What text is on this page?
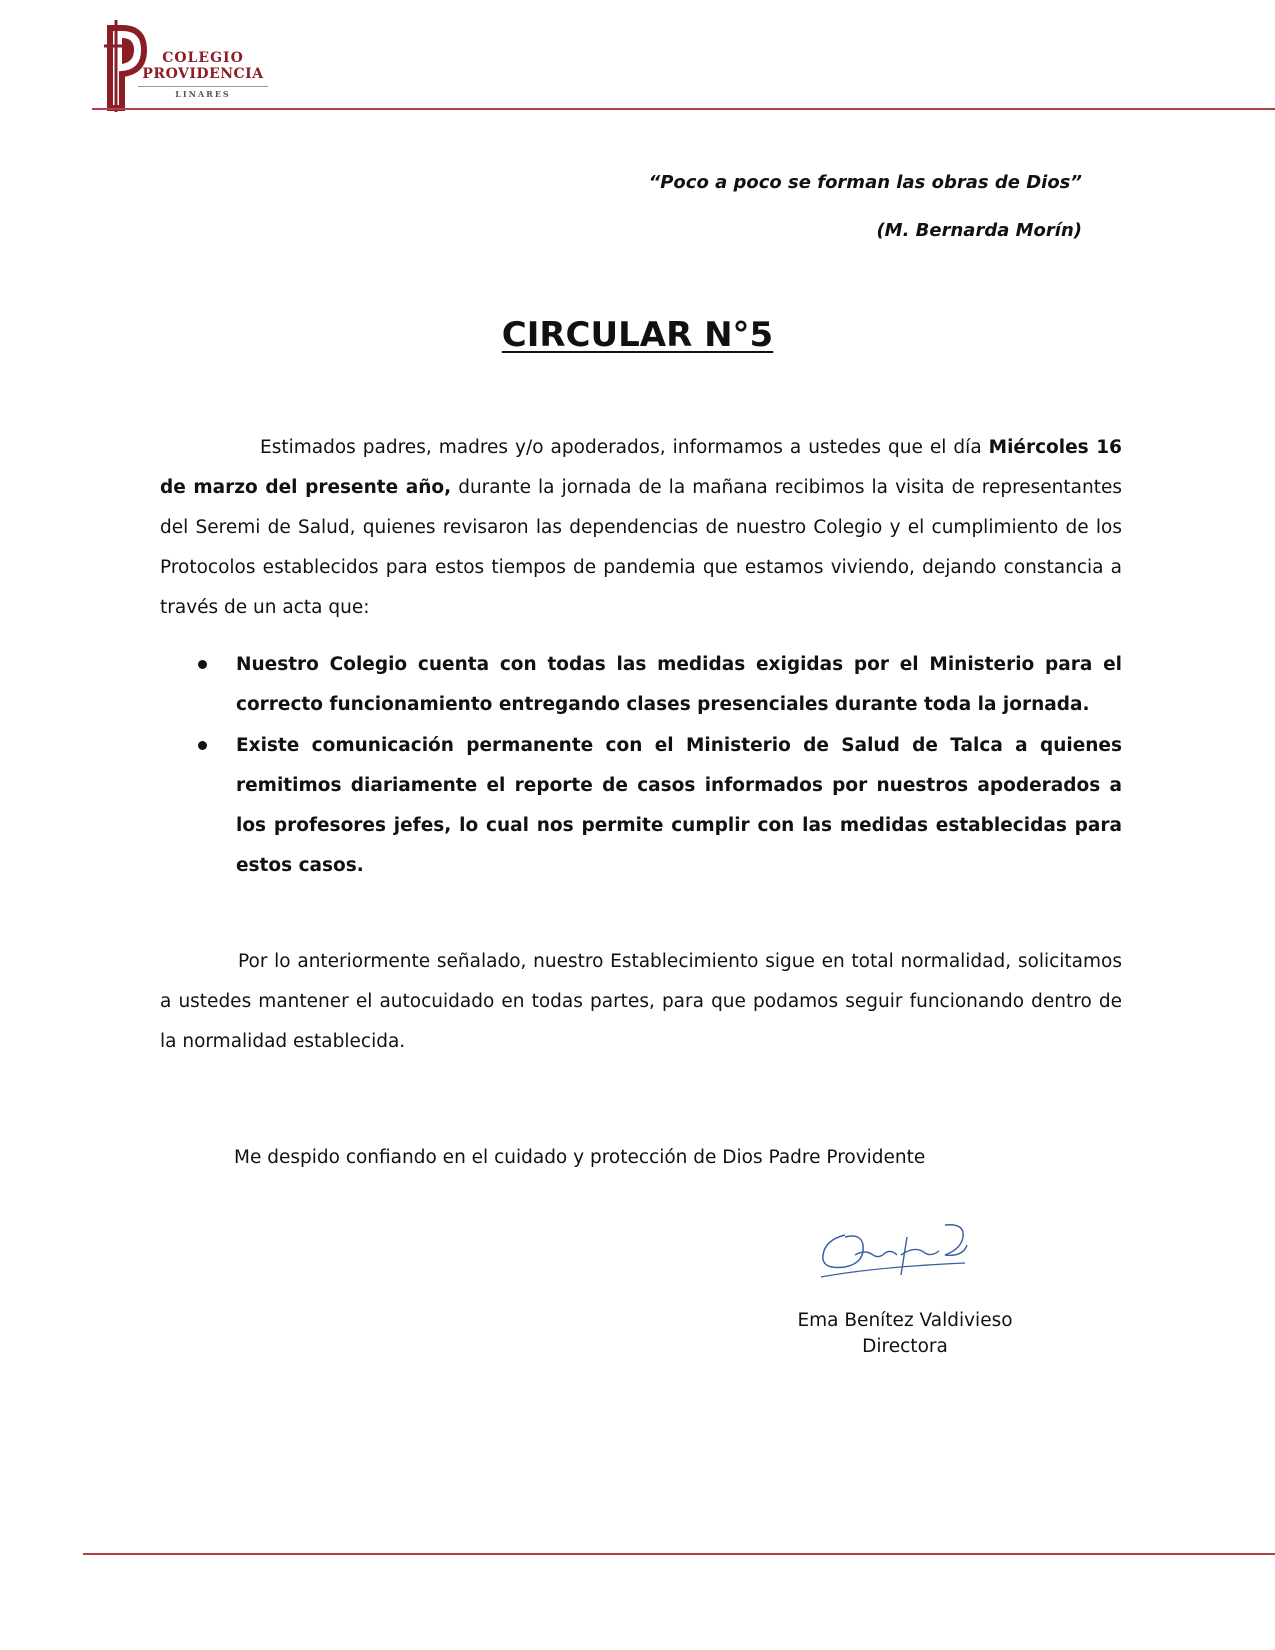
COLEGIO
PROVIDENCIA
LINARES
“Poco a poco se forman las obras de Dios”
(M. Bernarda Morín)
CIRCULAR N°5
Estimados padres, madres y/o apoderados, informamos a ustedes que el día Miércoles 16 de marzo del presente año, durante la jornada de la mañana recibimos la visita de representantes del Seremi de Salud, quienes revisaron las dependencias de nuestro Colegio y el cumplimiento de los Protocolos establecidos para estos tiempos de pandemia que estamos viviendo, dejando constancia a través de un acta que:
Nuestro Colegio cuenta con todas las medidas exigidas por el Ministerio para el correcto funcionamiento entregando clases presenciales durante toda la jornada.
Existe comunicación permanente con el Ministerio de Salud de Talca a quienes remitimos diariamente el reporte de casos informados por nuestros apoderados a los profesores jefes, lo cual nos permite cumplir con las medidas establecidas para estos casos.
Por lo anteriormente señalado, nuestro Establecimiento sigue en total normalidad, solicitamos a ustedes mantener el autocuidado en todas partes, para que podamos seguir funcionando dentro de la normalidad establecida.
Me despido confiando en el cuidado y protección de Dios Padre Providente
Ema Benítez Valdivieso
Directora
